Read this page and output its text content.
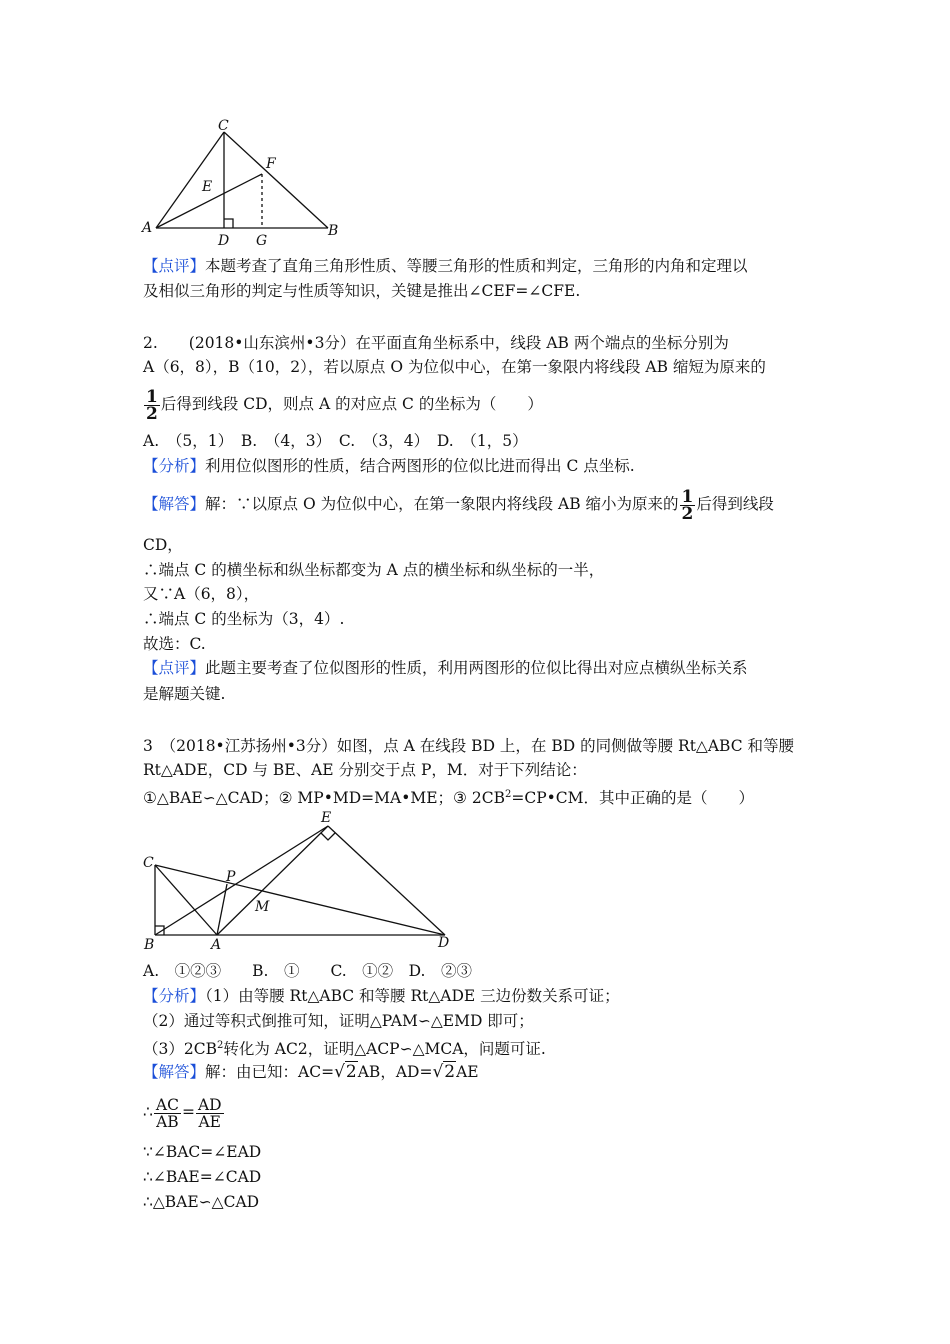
C
F
E
A
D G
B
【点评】本题考查了直角三角形性质、等腰三角形的性质和判定，三角形的内角和定理以
及相似三角形的判定与性质等知识，关键是推出∠CEF=∠CFE.
2.　　(2018•山东滨州•3分）在平面直角坐标系中，线段 AB 两个端点的坐标分别为
A（6，8），B（10，2），若以原点 O 为位似中心，在第一象限内将线段 AB 缩短为原来的
$\frac{1}{2}$ 后得到线段 CD，则点 A 的对应点 C 的坐标为（　　）
A.　（5，1）　B.　（4，3）　C.　（3，4）　D.　（1，5）
【分析】利用位似图形的性质，结合两图形的位似比进而得出 C 点坐标.
【解答】解：∵以原点 O 为位似中心，在第一象限内将线段 AB 缩小为原来的 $\frac{1}{2}$ 后得到线段
CD，
∴端点 C 的横坐标和纵坐标都变为 A 点的横坐标和纵坐标的一半，
又∵A（6，8），
∴端点 C 的坐标为（3，4）.
故选：C.
【点评】此题主要考查了位似图形的性质，利用两图形的位似比得出对应点横纵坐标关系
是解题关键.
3　（2018•江苏扬州•3分）如图，点 A 在线段 BD 上，在 BD 的同侧做等腰 Rt△ABC 和等腰
Rt△ADE，CD 与 BE、AE 分别交于点 P，M．对于下列结论：
①△BAE∽△CAD；② MP•MD=MA•ME；③ $2CB^2=CP•CM$．其中正确的是（　　）
E
C
P
M
B	A	D
A.　①②③　　B.　①　　C.　①②　D.　②③
【分析】（1）由等腰 Rt△ABC 和等腰 Rt△ADE 三边份数关系可证；
（2）通过等积式倒推可知，证明△PAM∽△EMD 即可；
$(3)2CB^2$转化为 AC2，证明△ACP∽△MCA，问题可证.
【解答】解：由已知：AC=√2AB，AD=√2AE
∴ $\frac{AC}{AB} = \frac{AD}{AE}$
∵∠BAC=∠EAD
∴∠BAE=∠CAD
∴△BAE∽△CAD
